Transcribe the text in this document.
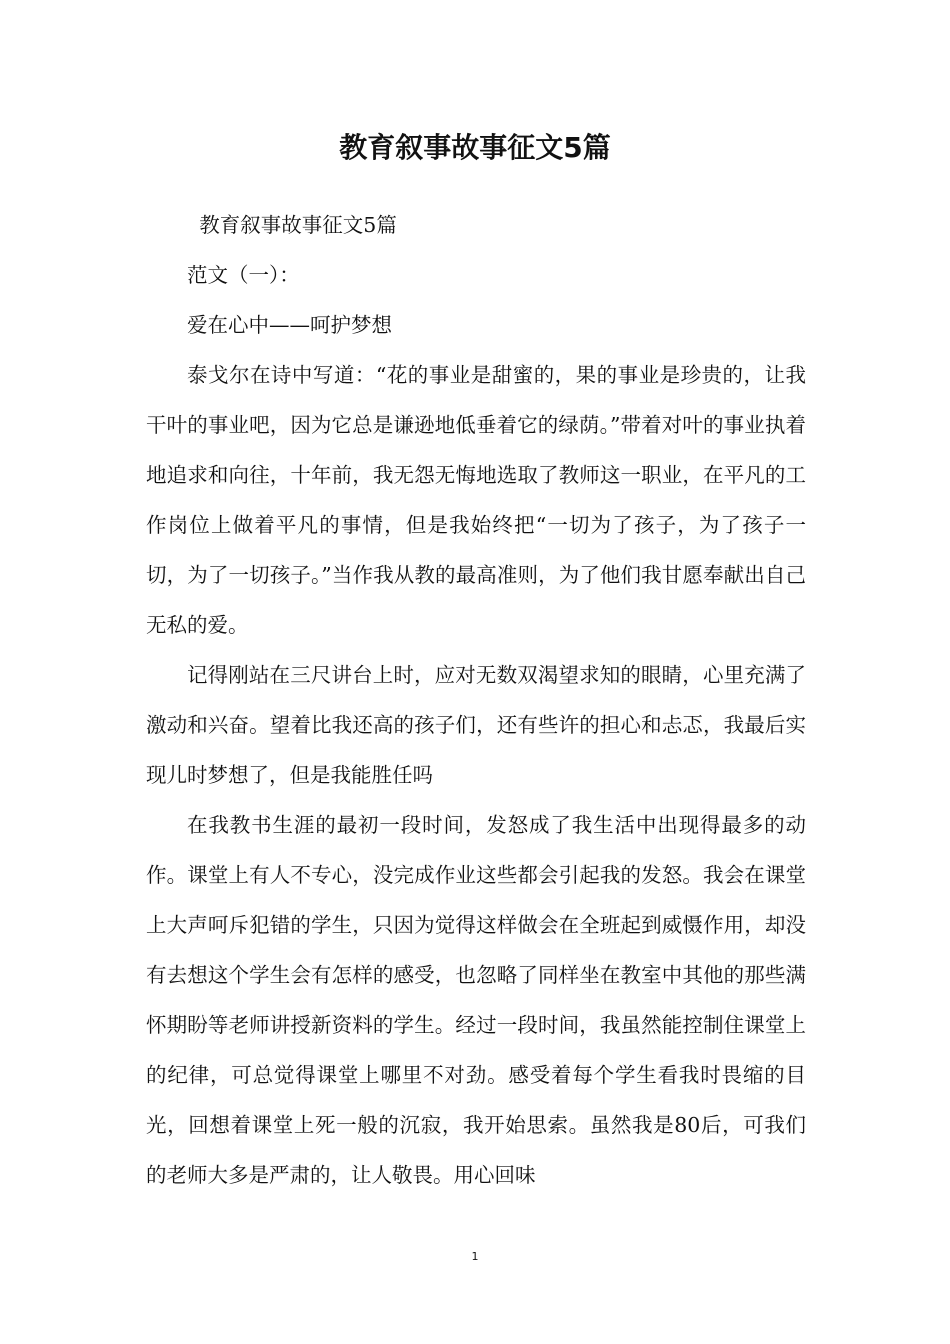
教育叙事故事征文5篇

教育叙事故事征文5篇

范文（一）：

爱在心中——呵护梦想

泰戈尔在诗中写道：“花的事业是甜蜜的，果的事业是珍贵的，让我干叶的事业吧，因为它总是谦逊地低垂着它的绿荫。”带着对叶的事业执着地追求和向往，十年前，我无怨无悔地选取了教师这一职业，在平凡的工作岗位上做着平凡的事情，但是我始终把“一切为了孩子，为了孩子一切，为了一切孩子。”当作我从教的最高准则，为了他们我甘愿奉献出自己无私的爱。

记得刚站在三尺讲台上时，应对无数双渴望求知的眼睛，心里充满了激动和兴奋。望着比我还高的孩子们，还有些许的担心和忐忑，我最后实现儿时梦想了，但是我能胜任吗

在我教书生涯的最初一段时间，发怒成了我生活中出现得最多的动作。课堂上有人不专心，没完成作业这些都会引起我的发怒。我会在课堂上大声呵斥犯错的学生，只因为觉得这样做会在全班起到威慑作用，却没有去想这个学生会有怎样的感受，也忽略了同样坐在教室中其他的那些满怀期盼等老师讲授新资料的学生。经过一段时间，我虽然能控制住课堂上的纪律，可总觉得课堂上哪里不对劲。感受着每个学生看我时畏缩的目光，回想着课堂上死一般的沉寂，我开始思索。虽然我是80后，可我们的老师大多是严肃的，让人敬畏。用心回味

1
